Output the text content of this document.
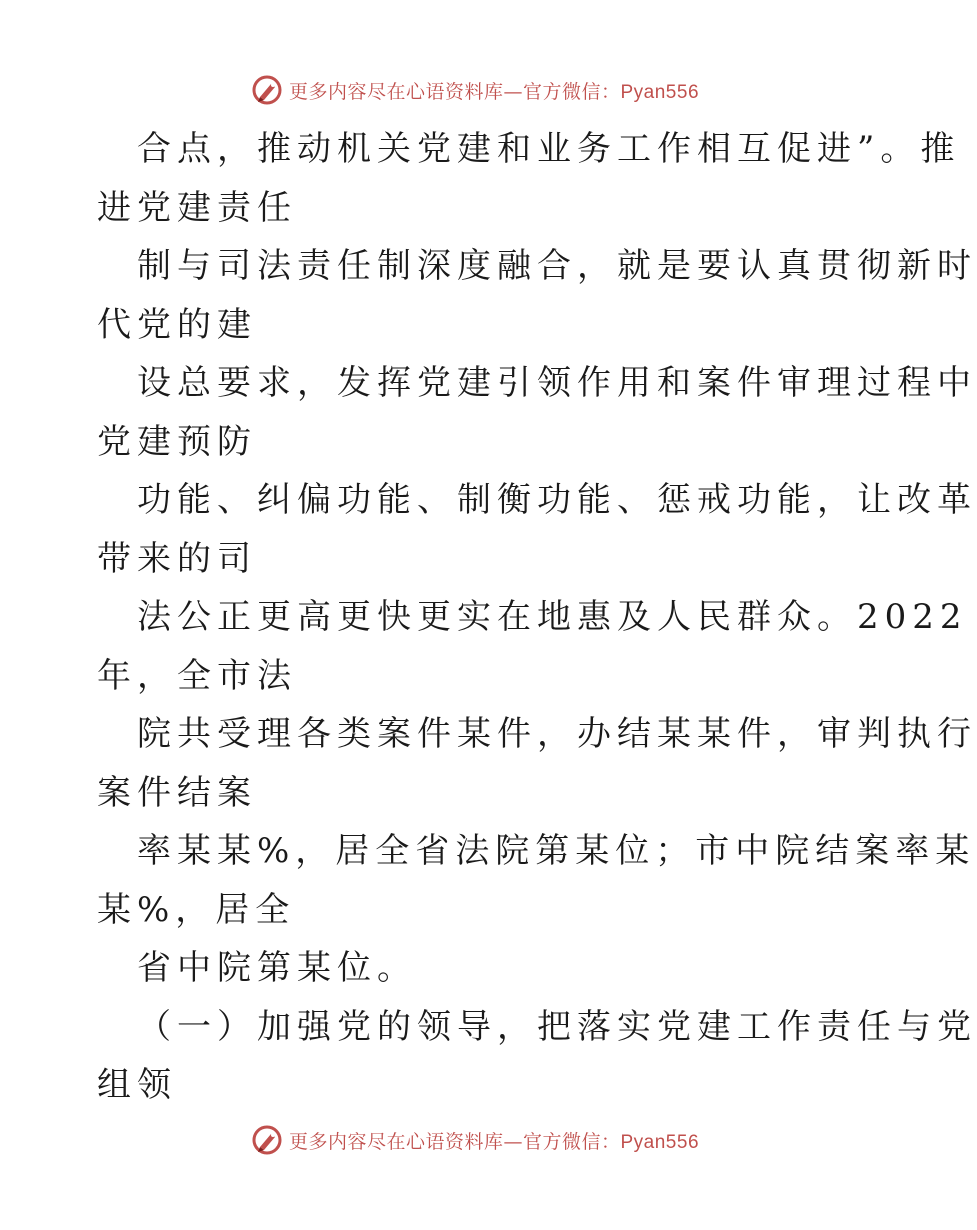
更多内容尽在心语资料库—官方微信：Pyan556
合点，推动机关党建和业务工作相互促进”。推
进党建责任
制与司法责任制深度融合，就是要认真贯彻新时
代党的建
设总要求，发挥党建引领作用和案件审理过程中
党建预防
功能、纠偏功能、制衡功能、惩戒功能，让改革
带来的司
法公正更高更快更实在地惠及人民群众。2022
年，全市法
院共受理各类案件某件，办结某某件，审判执行
案件结案
率某某%，居全省法院第某位；市中院结案率某
某%，居全
省中院第某位。
（一）加强党的领导，把落实党建工作责任与党
组领
更多内容尽在心语资料库—官方微信：Pyan556
